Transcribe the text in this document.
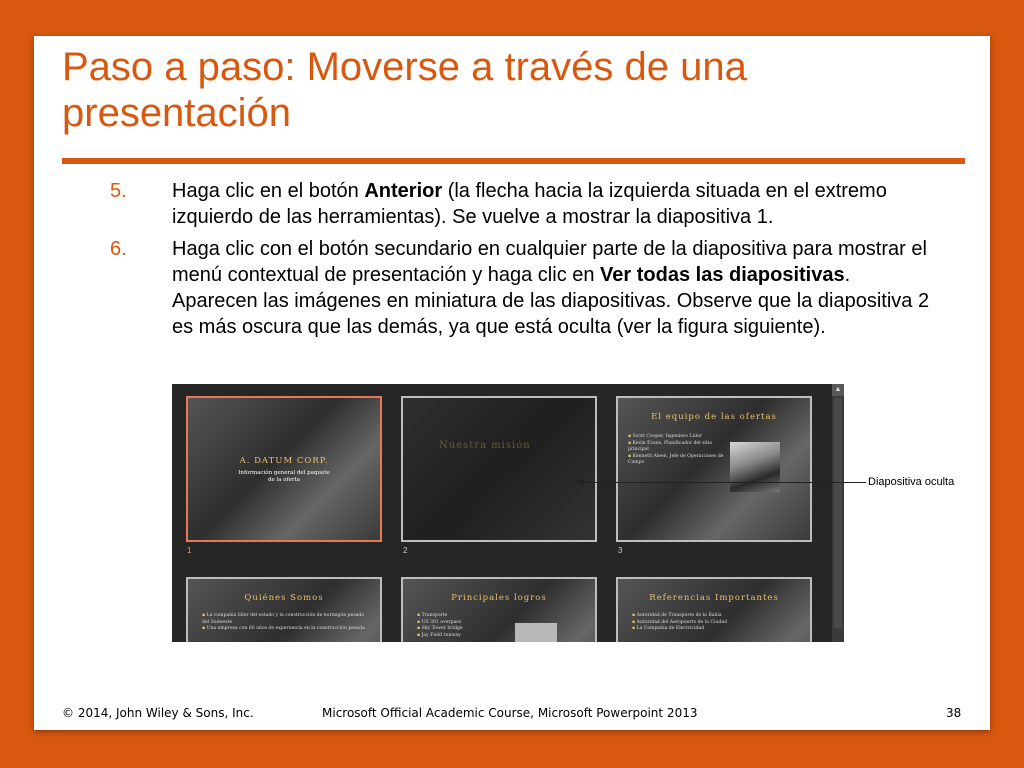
Paso a paso: Moverse a través de una presentación
5. Haga clic en el botón Anterior (la flecha hacia la izquierda situada en el extremo izquierdo de las herramientas). Se vuelve a mostrar la diapositiva 1.
6. Haga clic con el botón secundario en cualquier parte de la diapositiva para mostrar el menú contextual de presentación y haga clic en Ver todas las diapositivas. Aparecen las imágenes en miniatura de las diapositivas. Observe que la diapositiva 2 es más oscura que las demás, ya que está oculta (ver la figura siguiente).
A. DATUM CORP.
Información general del paquete de la oferta
1
Nuestra misión
2
El equipo de las ofertas
▪ Scott Cooper, Ingeniero Líder
▪ Kevin Evans, Planificador del sitio principal
▪ Kenneth Aleen, Jefe de Operaciones de Campo
3
Quiénes Somos
▪ La compañía líder del estado y la construcción de hormigón pesado del Sudoeste
▪ Una empresa con 60 años de experiencia en la construcción pesada
Principales logros
▪ Transporte
▪ US 301 overpass
▪ Sky Tower bridge
▪ Jay Field runway
Referencias Importantes
▪ Autoridad de Transporte de la Bahía
▪ Autoridad del Aeropuerto de la Ciudad
▪ La Compañía de Electricidad
▲
Diapositiva oculta
© 2014, John Wiley & Sons, Inc.	Microsoft Official Academic Course, Microsoft Powerpoint 2013	38
